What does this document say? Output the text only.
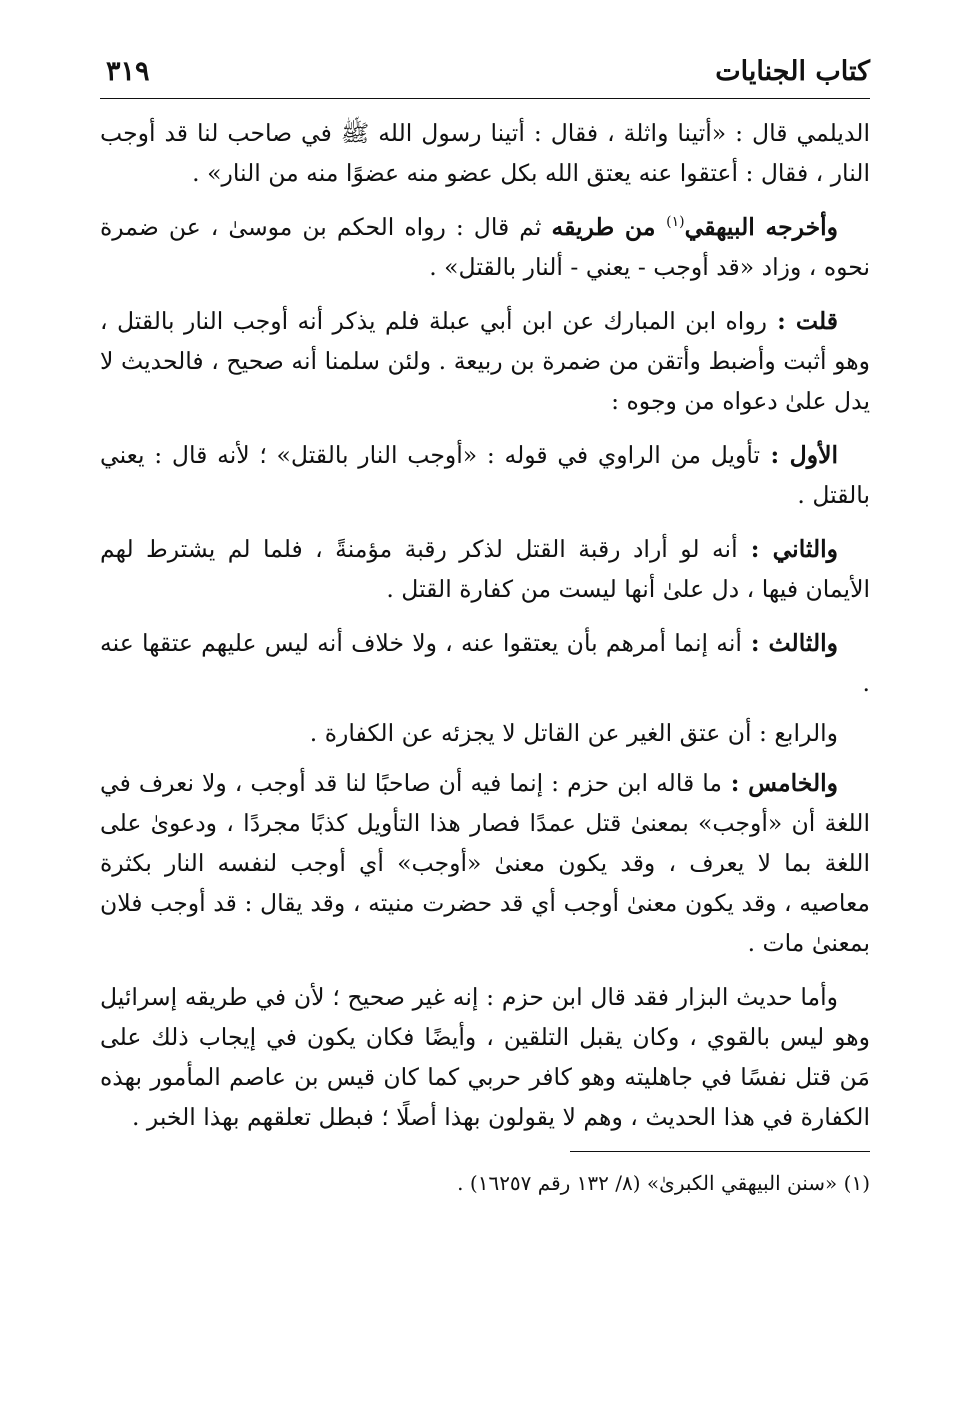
كتاب الجنايات
٣١٩

الديلمي قال : «أتينا واثلة ، فقال : أتينا رسول الله ﷺ في صاحب لنا قد أوجب النار ، فقال : أعتقوا عنه يعتق الله بكل عضو منه عضوًا منه من النار» .

وأخرجه البيهقي$^{(١)}$ من طريقه ثم قال : رواه الحكم بن موسىٰ ، عن ضمرة نحوه ، وزاد «قد أوجب - يعني - ألنار بالقتل» .

قلت : رواه ابن المبارك عن ابن أبي عبلة فلم يذكر أنه أوجب النار بالقتل ، وهو أثبت وأضبط وأتقن من ضمرة بن ربيعة . ولئن سلمنا أنه صحيح ، فالحديث لا يدل علىٰ دعواه من وجوه :

الأول : تأويل من الراوي في قوله : «أوجب النار بالقتل» ؛ لأنه قال : يعني بالقتل .

والثاني : أنه لو أراد رقبة القتل لذكر رقبة مؤمنةً ، فلما لم يشترط لهم الأيمان فيها ، دل علىٰ أنها ليست من كفارة القتل .

والثالث : أنه إنما أمرهم بأن يعتقوا عنه ، ولا خلاف أنه ليس عليهم عتقها عنه .

والرابع : أن عتق الغير عن القاتل لا يجزئه عن الكفارة .

والخامس : ما قاله ابن حزم : إنما فيه أن صاحبًا لنا قد أوجب ، ولا نعرف في اللغة أن «أوجب» بمعنىٰ قتل عمدًا فصار هذا التأويل كذبًا مجردًا ، ودعوىٰ على اللغة بما لا يعرف ، وقد يكون معنىٰ «أوجب» أي أوجب لنفسه النار بكثرة معاصيه ، وقد يكون معنىٰ أوجب أي قد حضرت منيته ، وقد يقال : قد أوجب فلان بمعنىٰ مات .

وأما حديث البزار فقد قال ابن حزم : إنه غير صحيح ؛ لأن في طريقه إسرائيل وهو ليس بالقوي ، وكان يقبل التلقين ، وأيضًا فكان يكون في إيجاب ذلك على مَن قتل نفسًا في جاهليته وهو كافر حربي كما كان قيس بن عاصم المأمور بهذه الكفارة في هذا الحديث ، وهم لا يقولون بهذا أصلًا ؛ فبطل تعلقهم بهذا الخبر .

(١) «سنن البيهقي الكبرىٰ» (٨/ ١٣٢ رقم ١٦٢٥٧) .
